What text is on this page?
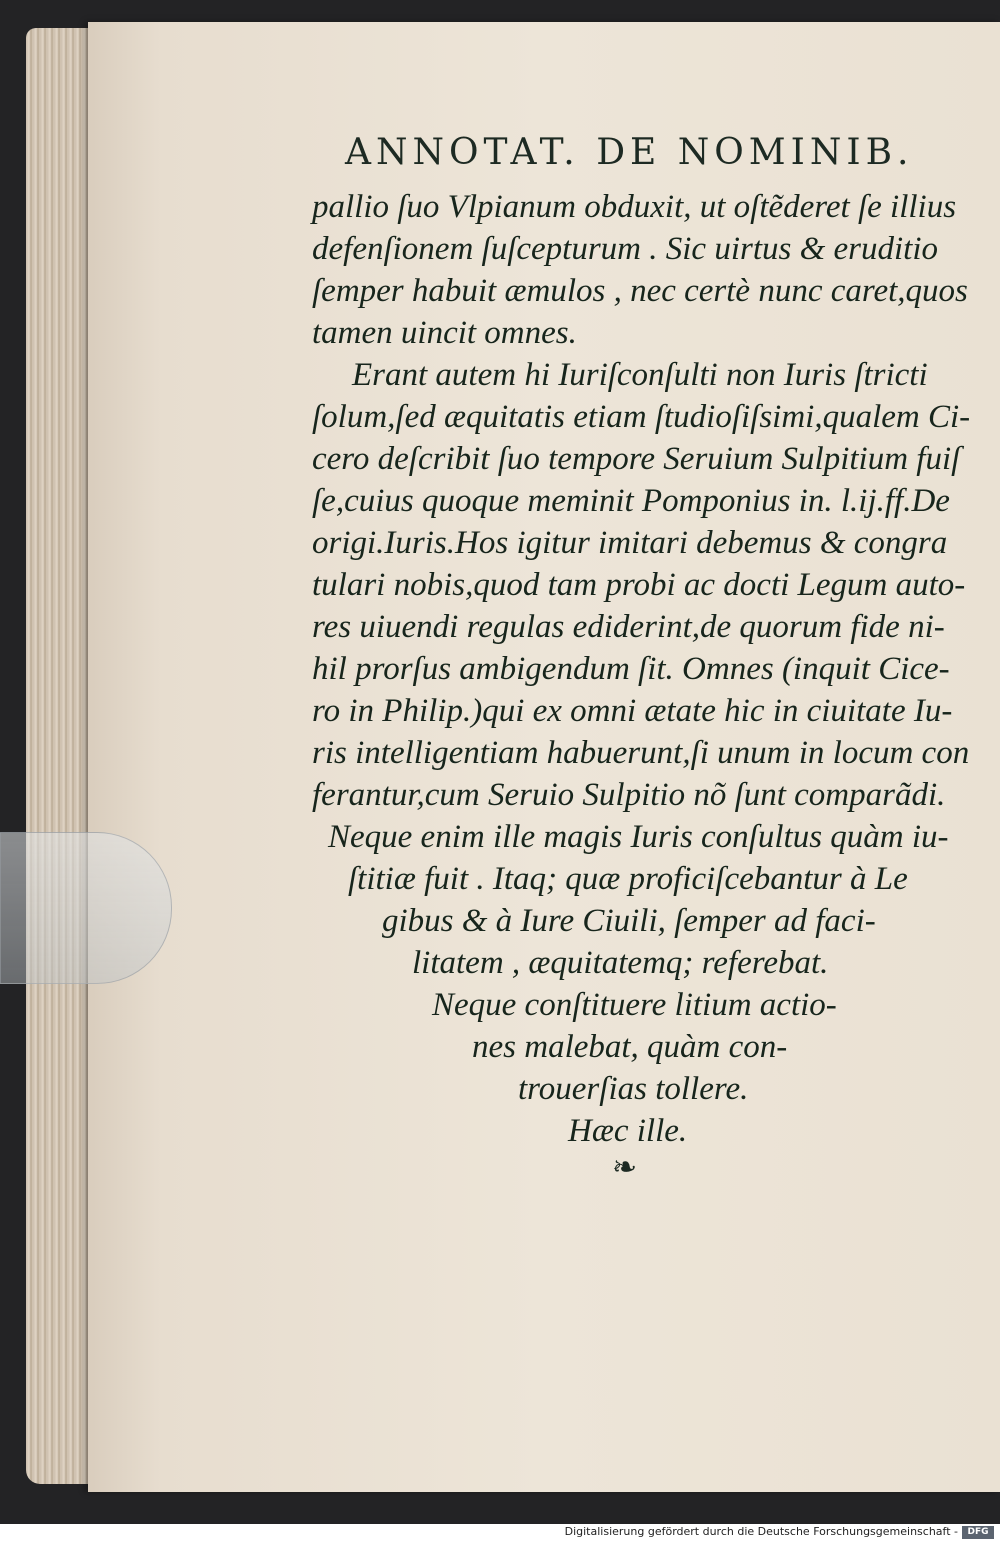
ANNOTAT. DE NOMINIB.
pallio ſuo Vlpianum obduxit, ut oſtẽderet ſe illius
defenſionem ſuſcepturum . Sic uirtus & eruditio
ſemper habuit æmulos , nec certè nunc caret,quos
tamen uincit omnes.
Erant autem hi Iuriſconſulti non Iuris ſtricti
ſolum,ſed æquitatis etiam ſtudioſiſsimi,qualem Ci-
cero deſcribit ſuo tempore Seruium Sulpitium fuiſ
ſe,cuius quoque meminit Pomponius in. l.ij.ff.De
origi.Iuris.Hos igitur imitari debemus & congra
tulari nobis,quod tam probi ac docti Legum auto-
res uiuendi regulas ediderint,de quorum fide ni-
hil prorſus ambigendum ſit. Omnes (inquit Cice-
ro in Philip.)qui ex omni ætate hic in ciuitate Iu-
ris intelligentiam habuerunt,ſi unum in locum con
ferantur,cum Seruio Sulpitio nõ ſunt comparãdi.
Neque enim ille magis Iuris conſultus quàm iu-
ſtitiæ fuit . Itaq; quæ proficiſcebantur à Le
gibus & à Iure Ciuili, ſemper ad faci-
litatem , æquitatemq; referebat.
Neque conſtituere litium actio-
nes malebat, quàm con-
trouerſias tollere.
Hæc ille.
❧
Digitalisierung gefördert durch die Deutsche Forschungsgemeinschaft -	DFG
